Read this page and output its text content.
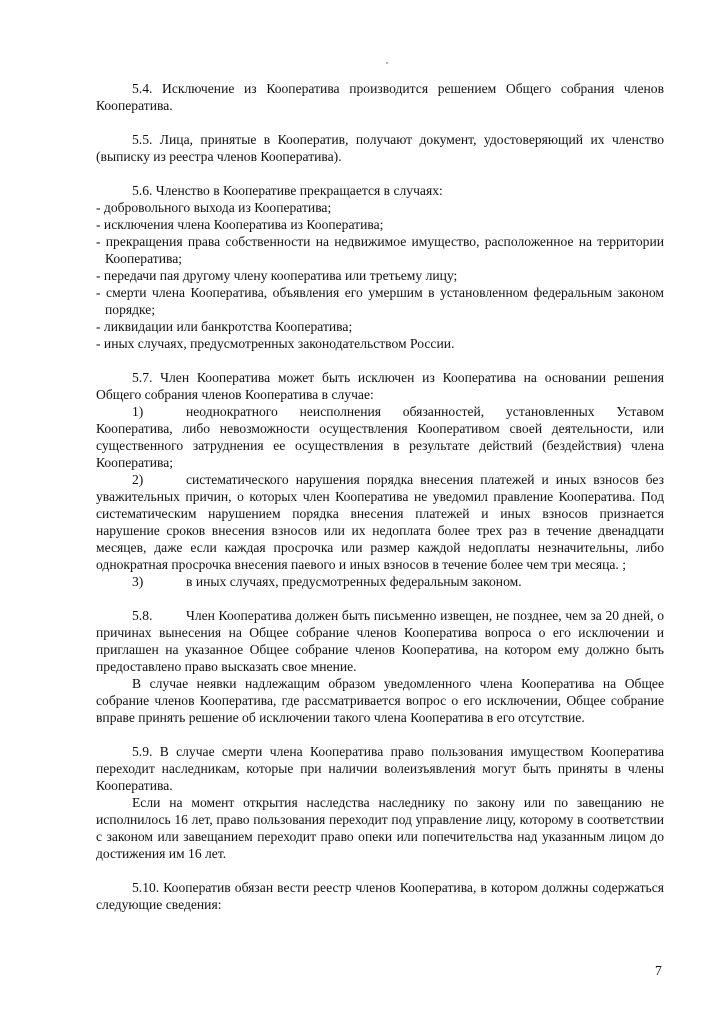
5.4. Исключение из Кооператива производится решением Общего собрания членов Кооператива.

5.5. Лица, принятые в Кооператив, получают документ, удостоверяющий их членство (выписку из реестра членов Кооператива).

5.6. Членство в Кооперативе прекращается в случаях:

- добровольного выхода из Кооператива;

- исключения члена Кооператива из Кооператива;

- прекращения права собственности на недвижимое имущество, расположенное на территории Кооператива;

- передачи пая другому члену кооператива или третьему лицу;

- смерти члена Кооператива, объявления его умершим в установленном федеральным законом порядке;

- ликвидации или банкротства Кооператива;

- иных случаях, предусмотренных законодательством России.

5.7. Член Кооператива может быть исключен из Кооператива на основании решения Общего собрания членов Кооператива в случае:

1)	неоднократного неисполнения обязанностей, установленных Уставом Кооператива, либо невозможности осуществления Кооперативом своей деятельности, или существенного затруднения ее осуществления в результате действий (бездействия) члена Кооператива;

2)	систематического нарушения порядка внесения платежей и иных взносов без уважительных причин, о которых член Кооператива не уведомил правление Кооператива. Под систематическим нарушением порядка внесения платежей и иных взносов признается нарушение сроков внесения взносов или их недоплата более трех раз в течение двенадцати месяцев, даже если каждая просрочка или размер каждой недоплаты незначительны, либо однократная просрочка внесения паевого и иных взносов в течение более чем три месяца. ;

3)	в иных случаях, предусмотренных федеральным законом.

5.8. Член Кооператива должен быть письменно извещен, не позднее, чем за 20 дней, о причинах вынесения на Общее собрание членов Кооператива вопроса о его исключении и приглашен на указанное Общее собрание членов Кооператива, на котором ему должно быть предоставлено право высказать свое мнение.

В случае неявки надлежащим образом уведомленного члена Кооператива на Общее собрание членов Кооператива, где рассматривается вопрос о его исключении, Общее собрание вправе принять решение об исключении такого члена Кооператива в его отсутствие.

5.9. В случае смерти члена Кооператива право пользования имуществом Кооператива переходит наследникам, которые при наличии волеизъявления могут быть приняты в члены Кооператива.

Если на момент открытия наследства наследнику по закону или по завещанию не исполнилось 16 лет, право пользования переходит под управление лицу, которому в соответствии с законом или завещанием переходит право опеки или попечительства над указанным лицом до достижения им 16 лет.

5.10. Кооператив обязан вести реестр членов Кооператива, в котором должны содержаться следующие сведения:

7
